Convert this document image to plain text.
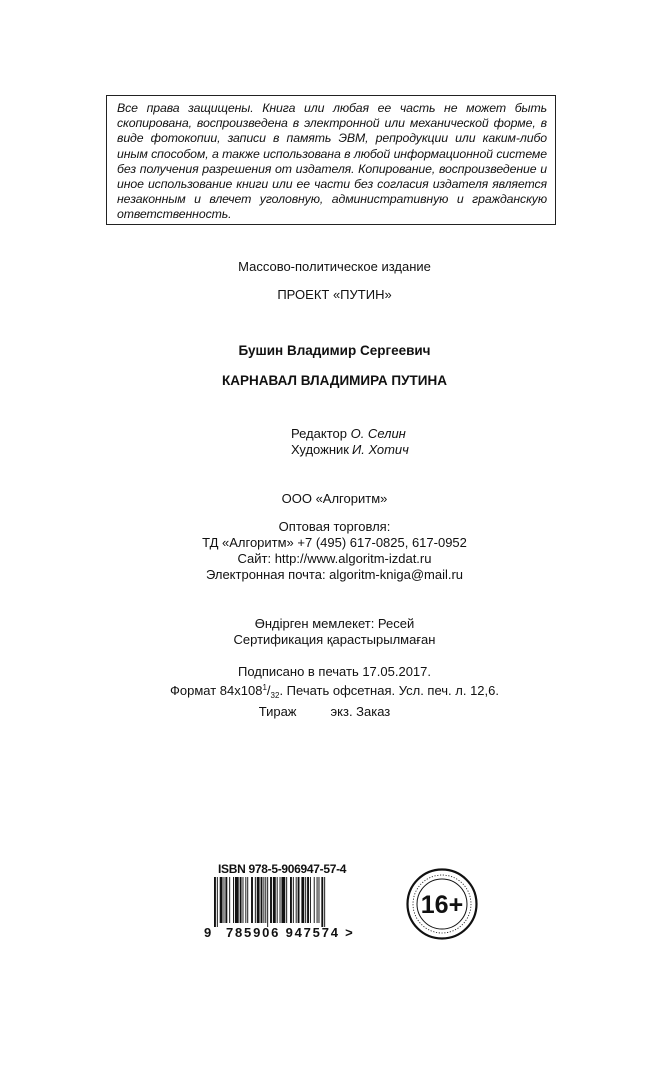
Все права защищены. Книга или любая ее часть не может быть скопирована, воспроизведена в электронной или механической форме, в виде фотокопии, записи в память ЭВМ, репродукции или каким-либо иным способом, а также использована в любой информационной системе без получения разрешения от издателя. Копирование, воспроизведение и иное использование книги или ее части без согласия издателя является незаконным и влечет уголовную, административную и гражданскую ответственность.
Массово-политическое издание
ПРОЕКТ «ПУТИН»
Бушин Владимир Сергеевич
КАРНАВАЛ ВЛАДИМИРА ПУТИНА
Редактор О. Селин
Художник И. Хотич
ООО «Алгоритм»
Оптовая торговля:
ТД «Алгоритм» +7 (495) 617-0825, 617-0952
Сайт: http://www.algoritm-izdat.ru
Электронная почта: algoritm-kniga@mail.ru
Өндірген мемлекет: Ресей
Сертификация қарастырылмаған
Подписано в печать 17.05.2017.
Формат $84x108^1/_{32}$. Печать офсетная. Усл. печ. л. 12,6.
Тираж	экз. Заказ
ISBN 978-5-906947-57-4
9 785906 947574 >
16+
